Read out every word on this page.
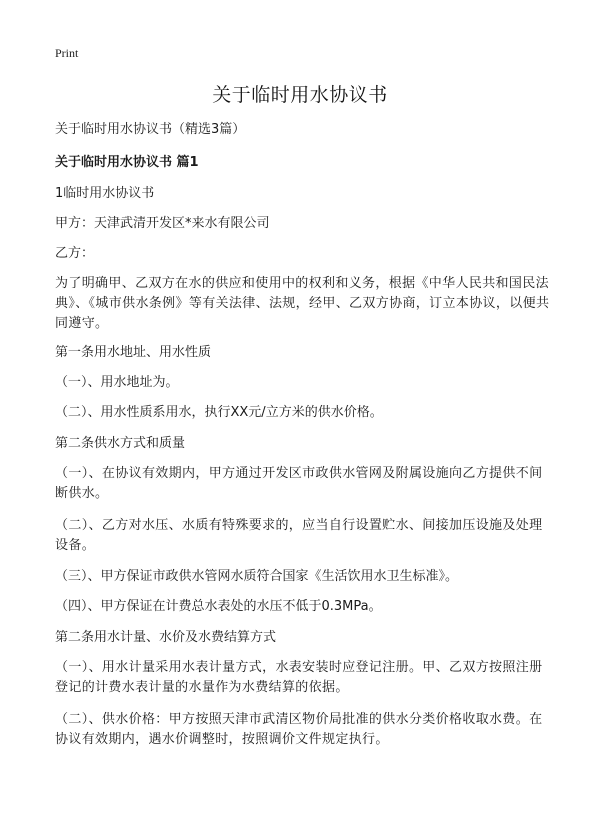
Print
关于临时用水协议书
关于临时用水协议书（精选3篇）
关于临时用水协议书 篇1
1临时用水协议书
甲方：天津武清开发区*来水有限公司
乙方：
为了明确甲、乙双方在水的供应和使用中的权利和义务，根据《中华人民共和国民法典》、《城市供水条例》等有关法律、法规，经甲、乙双方协商，订立本协议，以便共同遵守。
第一条用水地址、用水性质
（一）、用水地址为。
（二）、用水性质系用水，执行XX元/立方米的供水价格。
第二条供水方式和质量
（一）、在协议有效期内，甲方通过开发区市政供水管网及附属设施向乙方提供不间断供水。
（二）、乙方对水压、水质有特殊要求的，应当自行设置贮水、间接加压设施及处理设备。
（三）、甲方保证市政供水管网水质符合国家《生活饮用水卫生标准》。
（四）、甲方保证在计费总水表处的水压不低于0.3MPa。
第二条用水计量、水价及水费结算方式
（一）、用水计量采用水表计量方式，水表安装时应登记注册。甲、乙双方按照注册登记的计费水表计量的水量作为水费结算的依据。
（二）、供水价格：甲方按照天津市武清区物价局批准的供水分类价格收取水费。在协议有效期内，遇水价调整时，按照调价文件规定执行。
